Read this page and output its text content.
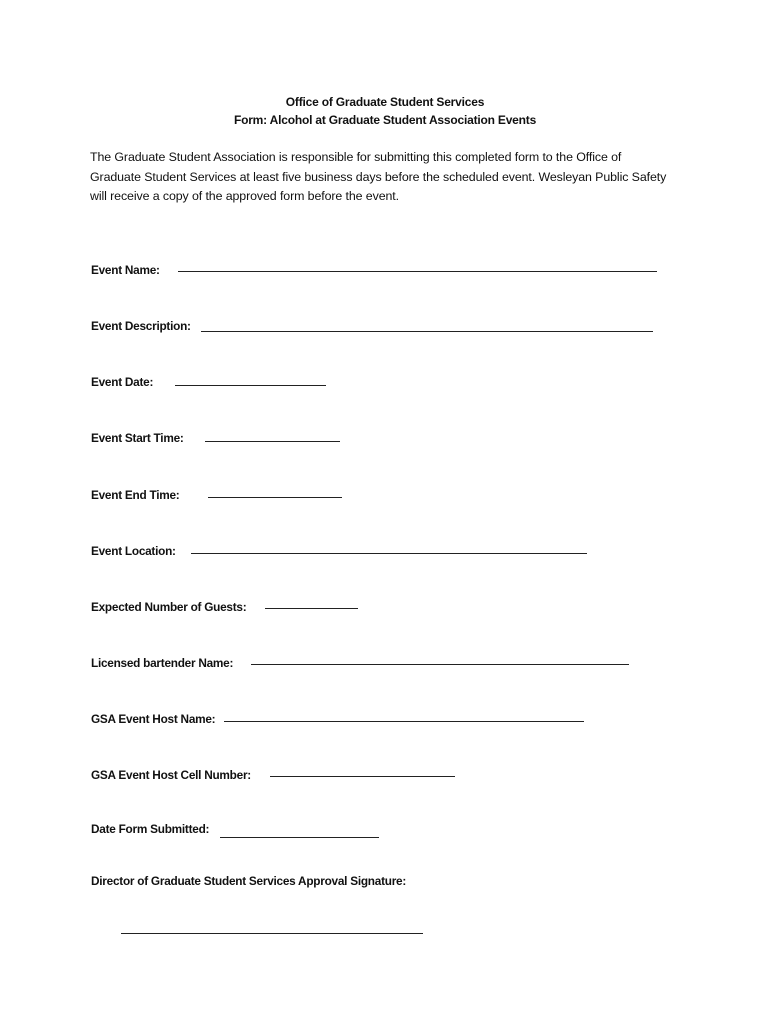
Office of Graduate Student Services
Form: Alcohol at Graduate Student Association Events
The Graduate Student Association is responsible for submitting this completed form to the Office of Graduate Student Services at least five business days before the scheduled event. Wesleyan Public Safety will receive a copy of the approved form before the event.
Event Name:
Event Description:
Event Date:
Event Start Time:
Event End Time:
Event Location:
Expected Number of Guests:
Licensed bartender Name:
GSA Event Host Name:
GSA Event Host Cell Number:
Date Form Submitted:
Director of Graduate Student Services Approval Signature:
